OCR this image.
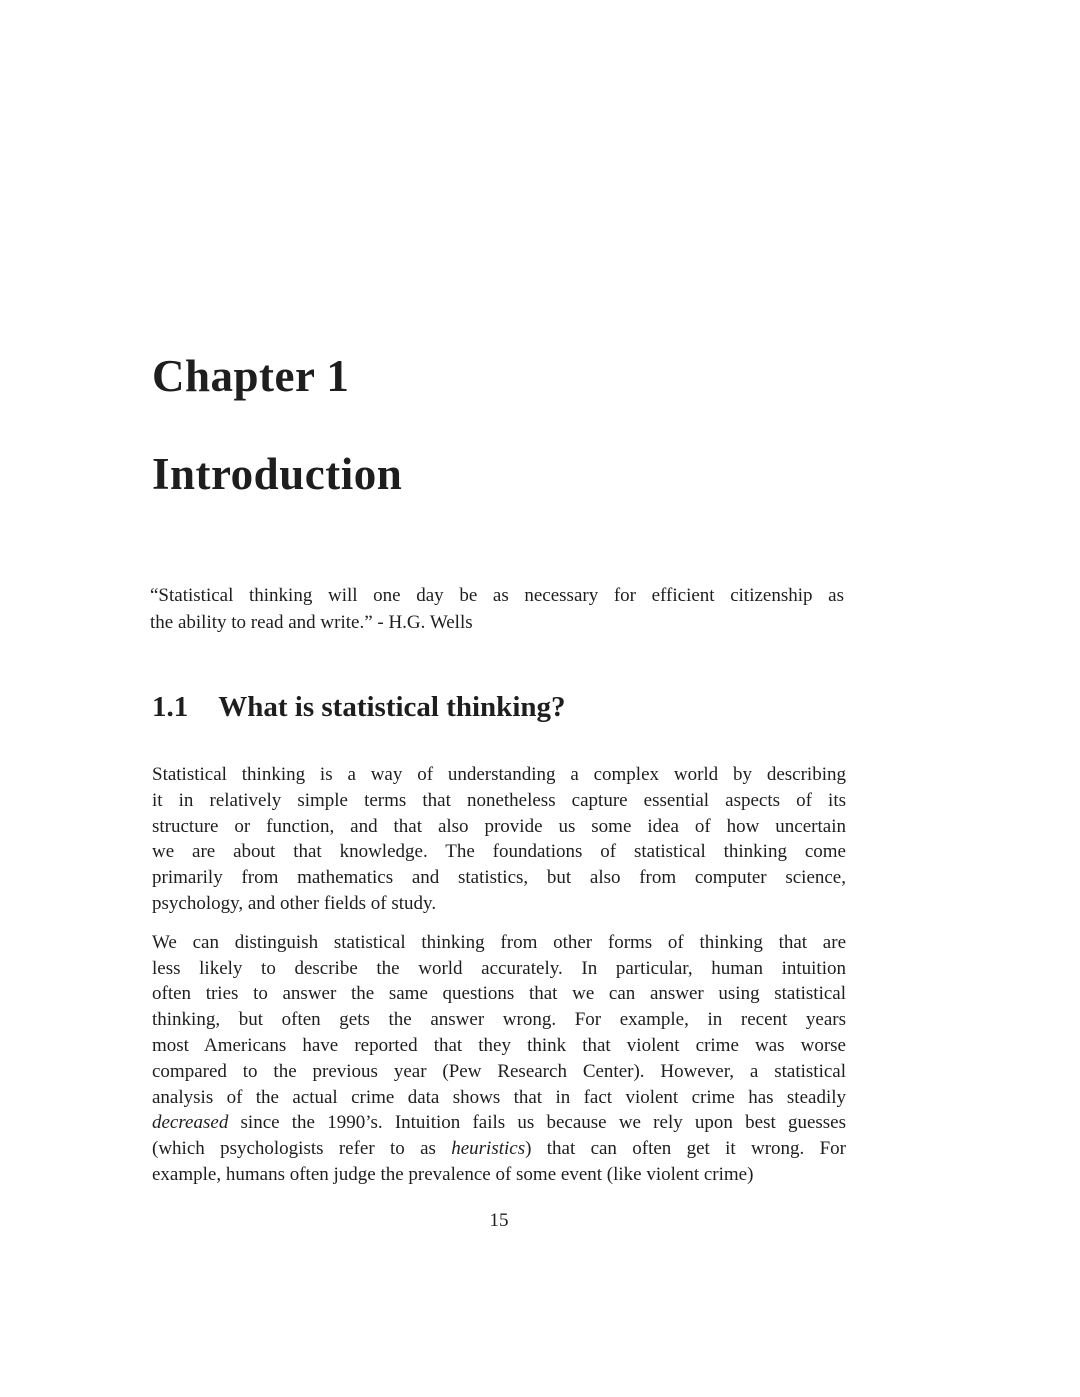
Chapter 1
Introduction
“Statistical thinking will one day be as necessary for efficient citizenship as
the ability to read and write.” - H.G. Wells
1.1 What is statistical thinking?
Statistical thinking is a way of understanding a complex world by describing
it in relatively simple terms that nonetheless capture essential aspects of its
structure or function, and that also provide us some idea of how uncertain
we are about that knowledge. The foundations of statistical thinking come
primarily from mathematics and statistics, but also from computer science,
psychology, and other fields of study.
We can distinguish statistical thinking from other forms of thinking that are
less likely to describe the world accurately. In particular, human intuition
often tries to answer the same questions that we can answer using statistical
thinking, but often gets the answer wrong. For example, in recent years
most Americans have reported that they think that violent crime was worse
compared to the previous year (Pew Research Center). However, a statistical
analysis of the actual crime data shows that in fact violent crime has steadily
decreased since the 1990’s. Intuition fails us because we rely upon best guesses
(which psychologists refer to as heuristics) that can often get it wrong. For
example, humans often judge the prevalence of some event (like violent crime)
15
